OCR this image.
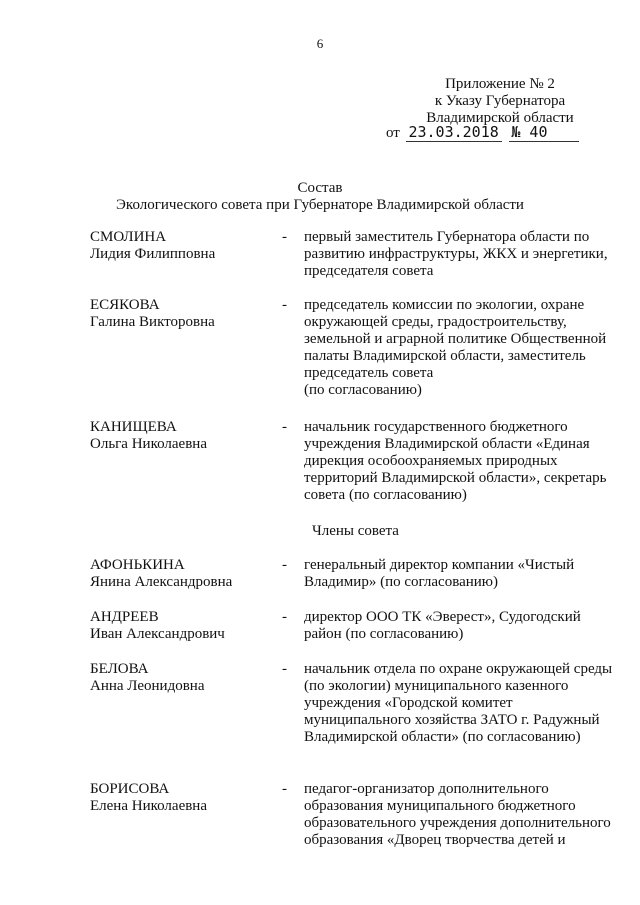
6
Приложение № 2
к Указу Губернатора
Владимирской области
от 23.03.2018 № 40
Состав
Экологического совета при Губернаторе Владимирской области
СМОЛИНА
Лидия Филипповна
-	первый заместитель Губернатора области по
развитию инфраструктуры, ЖКХ и энергетики,
председателя совета
ЕСЯКОВА
Галина Викторовна
-	председатель комиссии по экологии, охране
окружающей среды, градостроительству,
земельной и аграрной политике Общественной
палаты Владимирской области, заместитель
председатель совета
(по согласованию)
КАНИЩЕВА
Ольга Николаевна
-	начальник государственного бюджетного
учреждения Владимирской области «Единая
дирекция особоохраняемых природных
территорий Владимирской области», секретарь
совета (по согласованию)
Члены совета
АФОНЬКИНА
Янина Александровна
-	генеральный директор компании «Чистый
Владимир» (по согласованию)
АНДРЕЕВ
Иван Александрович
-	директор ООО ТК «Эверест», Судогодский
район (по согласованию)
БЕЛОВА
Анна Леонидовна
-	начальник отдела по охране окружающей среды
(по экологии) муниципального казенного
учреждения «Городской комитет
муниципального хозяйства ЗАТО г. Радужный
Владимирской области» (по согласованию)
БОРИСОВА
Елена Николаевна
-	педагог-организатор дополнительного
образования муниципального бюджетного
образовательного учреждения дополнительного
образования «Дворец творчества детей и
